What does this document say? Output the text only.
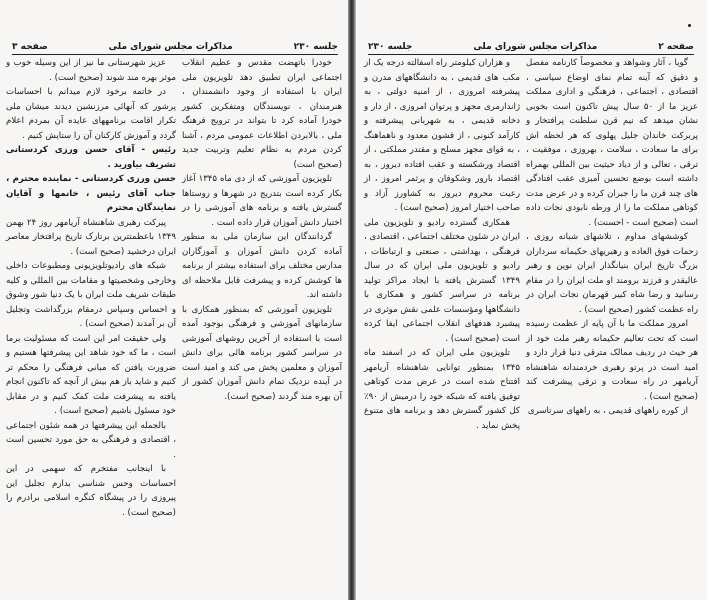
جلسه ۲۳۰
مذاکرات مجلس شورای ملی
صفحه ۳

خودرا باتهضت مقدس و عظیم انقلاب اجتماعی ایران تطبیق دهد تلویزیون ملی ایران با استفاده از وجود دانشمندان ، هنرمندان ، نویسندگان ومتفکرین کشور خودرا آماده کرد تا بتواند در ترویج فرهنگ ملی ، بالابردن اطلاعات عمومی مردم ، آشنا کردن مردم به نظام تعلیم وتربیت جدید (صحیح است)

تلویزیون آموزشی که از دی ماه ۱۳۴۵ آغاز بکار کرده است بتدریج در شهرها و روستاها گسترش یافته و برنامه های آموزشی را در اختیار دانش آموزان قرار داده است .

گردانندگان این سازمان ملی به منظور آماده کردن دانش آموزان و آموزگاران مدارس مختلف برای استفاده بیشتر از برنامه ها کوشش کرده و پیشرفت قابل ملاحظه ای داشته اند.

تلویزیون آموزشی که بمنظور همکاری با سازمانهای آموزشی و فرهنگی بوجود آمده است با استفاده از آخرین روشهای آموزشی در سراسر کشور برنامه هائی برای دانش آموزان و معلمین پخش می کند و امید است در آینده نزدیک تمام دانش آموزان کشور از آن بهره مند گردند (صحیح است).

عزیز شهرستانی ما نیز از این وسیله خوب و موثر بهره مند شوند (صحیح است) .

در خاتمه برخود لازم میدانم با احساسات پرشور که آنهائی مرزنشین دیدند میشان ملی تکرار اقامت برنامههای عایده آن بمردم اعلام گردد و آموزش کارکنان آن را ستایش کنیم .

رئیس - آقای حسن ورزی کردستانی تشریف بیاورید .

حسن ورزی کردستانی - نماینده محترم ، جناب آقای رئیس ، خانمها و آقایان نمایندگان محترم

پیرکت رهبری شاهنشاه آریامهر روز ۲۴ بهمن ۱۳۴۹ باعظمتترین برتارک تاریخ پرافتخار معاصر ایران درخشید (صحیح است) .

شبکه های رادیوتلویزیونی ومطبوعات داخلی وخارجی وشخصیتها و مقامات بین المللی و کلیه طبقات شریف ملت ایران با یک دنیا شور وشوق و احساس وسپاس درمقام بزرگداشت وتجلیل آن بر آمدند (صحیح است) .

ولی حقیقت امر این است که مسئولیت برما است ، ما که خود شاهد این پیشرفتها هستیم و ضرورت یافتن که مبانی فرهنگی را محکم تر کنیم و شاید باز هم بیش از آنچه که تاکنون انجام یافته به پیشرفت ملت کمک کنیم و در مقابل خود مسئول باشیم (صحیح است) .

بالجمله این پیشرفتها در همه شئون اجتماعی ، اقتصادی و فرهنگی به حق مورد تحسین است .

با اینجانب مفتخرم که سهمی در این احساسات وحس شناسی بدارم تجلیل این پیروزی را در پیشگاه کنگره اسلامی برادرم را (صحیح است) .

صفحه ۲
مذاکرات مجلس شورای ملی
جلسه ۲۳۰

گویا ، آثار وشواهد و مخصوصاً کارنامه مفصل و دقیق که آینه تمام نمای اوضاع سیاسی ، اقتصادی ، اجتماعی ، فرهنگی و اداری مملکت عزیز ما از ۵۰ سال پیش تاکنون است بخوبی نشان میدهد که نیم قرن سلطنت پرافتخار و پربرکت خاندان جلیل پهلوی که هر لحظه اش برای ما سعادت ، سلامت ، بهروزی ، موفقیت ، ترقی ، تعالی و از دیاد حیثیت بین المللی بهمراه داشته است بوضع تحسین آمیزی عقب افتادگی های چند قرن ما را جبران کرده و در عرض مدت کوتاهی مملکت ما را از ورطه نابودی نجات داده است (صحیح است - احسنت) .

کوششهای مداوم ، تلاشهای شبانه روزی ، زحمات فوق العاده و رهبریهای حکیمانه سرداران بزرگ تاریخ ایران بنیانگذار ایران نوین و رهبر عالیقدر و فرزند برومند او ملت ایران را در مقام رسانید و رضا شاه کبیر قهرمان نجات ایران در راه عظمت کشور (صحیح است) .

امروز مملکت ما با آن پایه از عظمت رسیده است که تحت تعالیم حکیمانه رهبر ملت خود از هر حیث در ردیف ممالک مترقی دنیا قرار دارد و امید است در پرتو رهبری خردمندانه شاهنشاه آریامهر در راه سعادت و ترقی پیشرفت کند (صحیح است) .

از کوره راههای قدیمی ، به راههای سرتاسری

و هزاران کیلومتر راه اسفالته درجه یک از مکب های قدیمی ، به دانشگاههای مدرن و پیشرفته امروزی ، از امنیه دولتی ، به ژاندارمری مجهز و پرتوان امروزی ، از دار و دخانه قدیمی ، به شهربانی پیشرفته و کارآمد کنونی ، از قشون معدود و ناهماهنگ ، به قوای مجهز مسلح و مقتدر مملکتی ، از اقتصاد ورشکسته و عقب افتاده دیروز ، به اقتصاد بارور وشکوفان و پرثمر امروز ، از رعیت محروم دیروز به کشاورز آزاد و صاحب اختیار امروز (صحیح است) .

همکاری گسترده رادیو و تلویزیون ملی ایران در شئون مختلف اجتماعی ، اقتصادی ، فرهنگی ، بهداشتی ، صنعتی و ارتباطات ، رادیو و تلویزیون ملی ایران که در سال ۱۳۴۹ گسترش یافته با ایجاد مراکز تولید برنامه در سراسر کشور و همکاری با دانشگاهها ومؤسسات علمی نقش موثری در پیشبرد هدفهای انقلاب اجتماعی ایفا کرده است (صحیح است) .

تلویزیون ملی ایران که در اسفند ماه ۱۳۴۵ بمنظور توانایی شاهنشاه آریامهر افتتاح شده است در عرض مدت کوتاهی توفیق یافته که شبکه خود را درمیش از ۹۰٪ کل کشور گسترش دهد و برنامه های متنوع پخش نماید .
